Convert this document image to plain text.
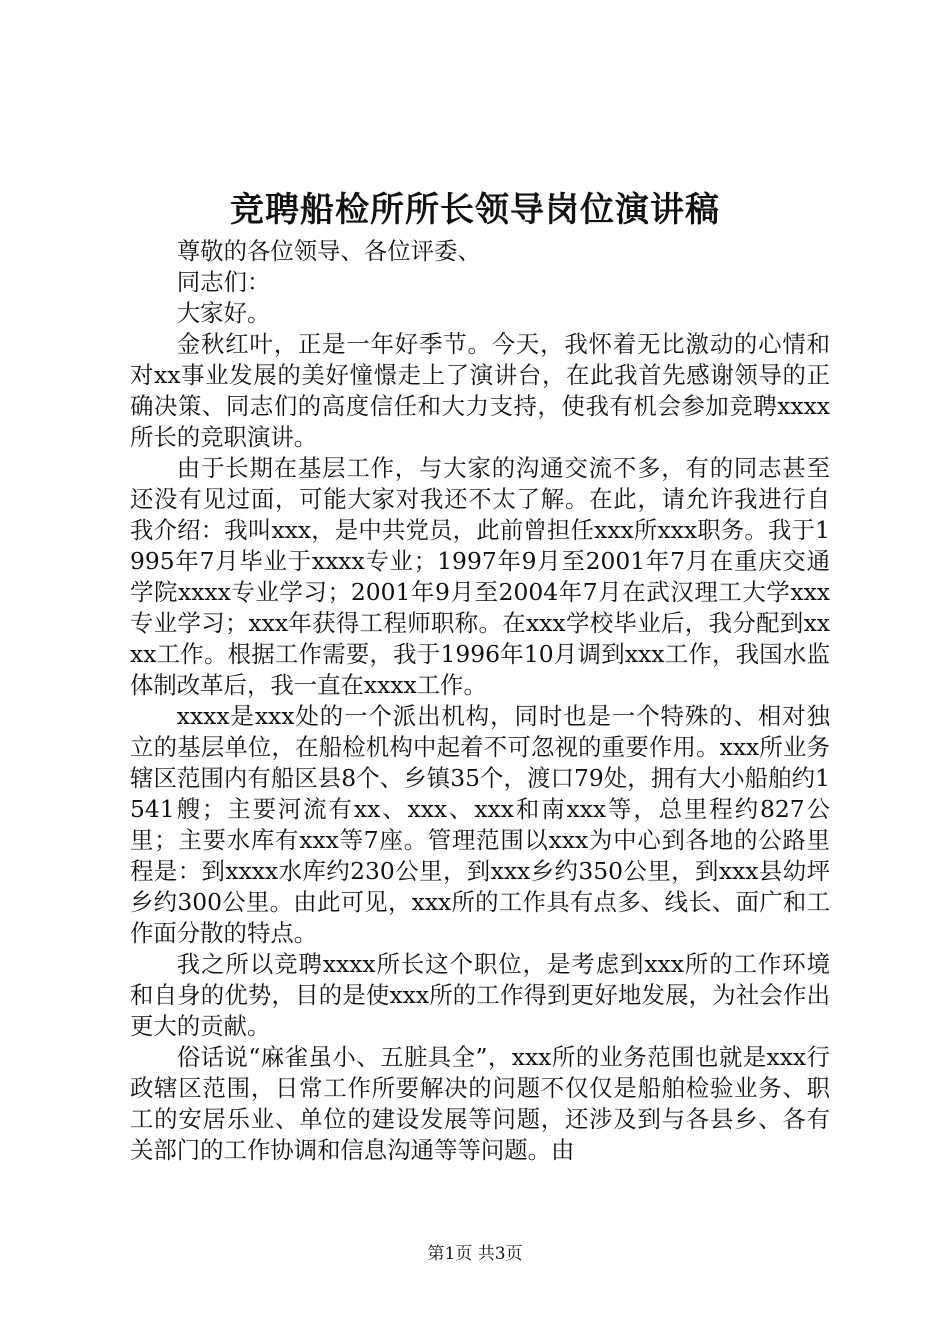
竞聘船检所所长领导岗位演讲稿

尊敬的各位领导、各位评委、

同志们：

大家好。

金秋红叶，正是一年好季节。今天，我怀着无比激动的心情和对xx事业发展的美好憧憬走上了演讲台，在此我首先感谢领导的正确决策、同志们的高度信任和大力支持，使我有机会参加竞聘xxxx所长的竞职演讲。

由于长期在基层工作，与大家的沟通交流不多，有的同志甚至还没有见过面，可能大家对我还不太了解。在此，请允许我进行自我介绍：我叫xxx，是中共党员，此前曾担任xxx所xxx职务。我于1995年7月毕业于xxxx专业；1997年9月至2001年7月在重庆交通学院xxxx专业学习；2001年9月至2004年7月在武汉理工大学xxx专业学习；xxx年获得工程师职称。在xxx学校毕业后，我分配到xxxx工作。根据工作需要，我于1996年10月调到xxx工作，我国水监体制改革后，我一直在xxxx工作。

xxxx是xxx处的一个派出机构，同时也是一个特殊的、相对独立的基层单位，在船检机构中起着不可忽视的重要作用。xxx所业务辖区范围内有船区县8个、乡镇35个，渡口79处，拥有大小船舶约1541艘；主要河流有xx、xxx、xxx和南xxx等，总里程约827公里；主要水库有xxx等7座。管理范围以xxx为中心到各地的公路里程是：到xxxx水库约230公里，到xxx乡约350公里，到xxx县幼坪乡约300公里。由此可见，xxx所的工作具有点多、线长、面广和工作面分散的特点。

我之所以竞聘xxxx所长这个职位，是考虑到xxx所的工作环境和自身的优势，目的是使xxx所的工作得到更好地发展，为社会作出更大的贡献。

俗话说“麻雀虽小、五脏具全”，xxx所的业务范围也就是xxx行政辖区范围，日常工作所要解决的问题不仅仅是船舶检验业务、职工的安居乐业、单位的建设发展等问题，还涉及到与各县乡、各有关部门的工作协调和信息沟通等等问题。由

第1页 共3页
